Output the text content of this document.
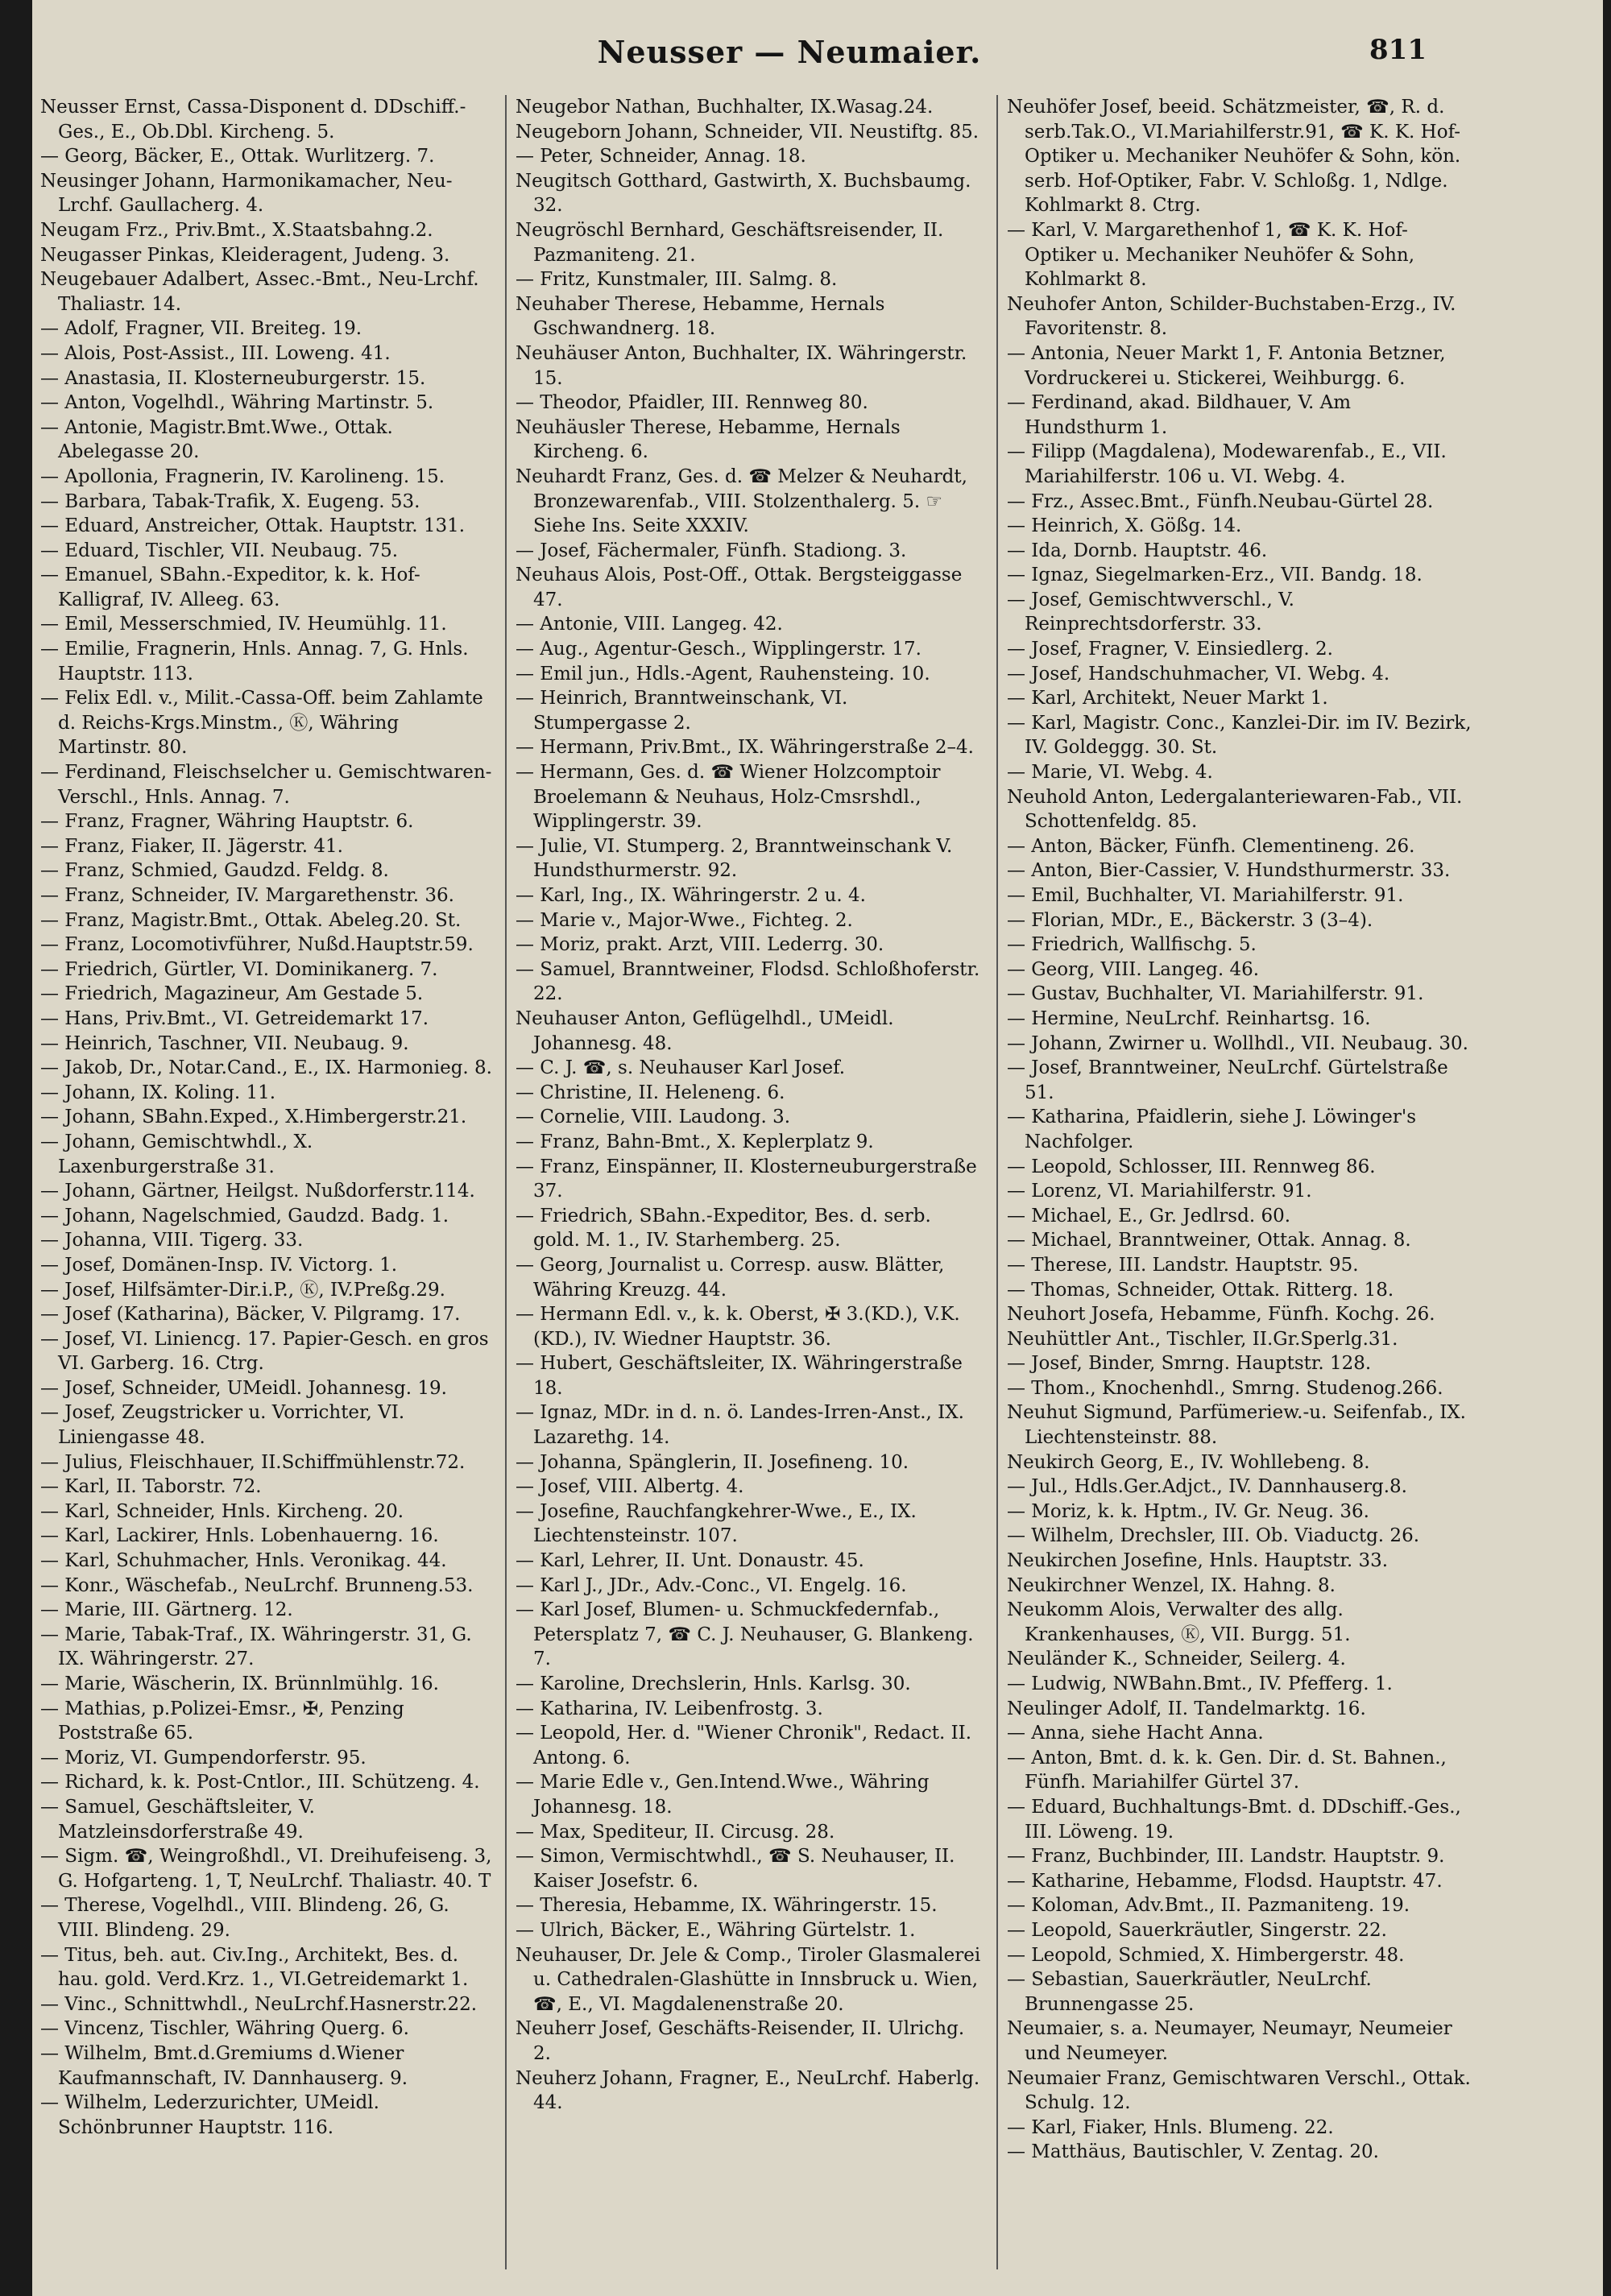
Neusser — Neumaier.	811

Neusser Ernst, Cassa-Disponent d. DDschiff.-Ges., E., Ob.Dbl. Kircheng. 5.

— Georg, Bäcker, E., Ottak. Wurlitzerg. 7.

Neusinger Johann, Harmonikamacher, Neu-Lrchf. Gaullacherg. 4.

Neugam Frz., Priv.Bmt., X.Staatsbahng.2.

Neugasser Pinkas, Kleideragent, Judeng. 3.

Neugebauer Adalbert, Assec.-Bmt., Neu-Lrchf. Thaliastr. 14.

— Adolf, Fragner, VII. Breiteg. 19.

— Alois, Post-Assist., III. Loweng. 41.

— Anastasia, II. Klosterneuburgerstr. 15.

— Anton, Vogelhdl., Währing Martinstr. 5.

— Antonie, Magistr.Bmt.Wwe., Ottak. Abelegasse 20.

— Apollonia, Fragnerin, IV. Karolineng. 15.

— Barbara, Tabak-Trafik, X. Eugeng. 53.

— Eduard, Anstreicher, Ottak. Hauptstr. 131.

— Eduard, Tischler, VII. Neubaug. 75.

— Emanuel, SBahn.-Expeditor, k. k. Hof-Kalligraf, IV. Alleeg. 63.

— Emil, Messerschmied, IV. Heumühlg. 11.

— Emilie, Fragnerin, Hnls. Annag. 7, G. Hnls. Hauptstr. 113.

— Felix Edl. v., Milit.-Cassa-Off. beim Zahlamte d. Reichs-Krgs.Minstm., Ⓚ, Währing Martinstr. 80.

— Ferdinand, Fleischselcher u. Gemischtwaren-Verschl., Hnls. Annag. 7.

— Franz, Fragner, Währing Hauptstr. 6.

— Franz, Fiaker, II. Jägerstr. 41.

— Franz, Schmied, Gaudzd. Feldg. 8.

— Franz, Schneider, IV. Margarethenstr. 36.

— Franz, Magistr.Bmt., Ottak. Abeleg.20. St.

— Franz, Locomotivführer, Nußd.Hauptstr.59.

— Friedrich, Gürtler, VI. Dominikanerg. 7.

— Friedrich, Magazineur, Am Gestade 5.

— Hans, Priv.Bmt., VI. Getreidemarkt 17.

— Heinrich, Taschner, VII. Neubaug. 9.

— Jakob, Dr., Notar.Cand., E., IX. Harmonieg. 8.

— Johann, IX. Koling. 11.

— Johann, SBahn.Exped., X.Himbergerstr.21.

— Johann, Gemischtwhdl., X. Laxenburgerstraße 31.

— Johann, Gärtner, Heilgst. Nußdorferstr.114.

— Johann, Nagelschmied, Gaudzd. Badg. 1.

— Johanna, VIII. Tigerg. 33.

— Josef, Domänen-Insp. IV. Victorg. 1.

— Josef, Hilfsämter-Dir.i.P., Ⓚ, IV.Preßg.29.

— Josef (Katharina), Bäcker, V. Pilgramg. 17.

— Josef, VI. Liniencg. 17. Papier-Gesch. en gros VI. Garberg. 16. Ctrg.

— Josef, Schneider, UMeidl. Johannesg. 19.

— Josef, Zeugstricker u. Vorrichter, VI. Liniengasse 48.

— Julius, Fleischhauer, II.Schiffmühlenstr.72.

— Karl, II. Taborstr. 72.

— Karl, Schneider, Hnls. Kircheng. 20.

— Karl, Lackirer, Hnls. Lobenhauerng. 16.

— Karl, Schuhmacher, Hnls. Veronikag. 44.

— Konr., Wäschefab., NeuLrchf. Brunneng.53.

— Marie, III. Gärtnerg. 12.

— Marie, Tabak-Traf., IX. Währingerstr. 31, G. IX. Währingerstr. 27.

— Marie, Wäscherin, IX. Brünnlmühlg. 16.

— Mathias, p.Polizei-Emsr., ✠, Penzing Poststraße 65.

— Moriz, VI. Gumpendorferstr. 95.

— Richard, k. k. Post-Cntlor., III. Schützeng. 4.

— Samuel, Geschäftsleiter, V. Matzleinsdorferstraße 49.

— Sigm. ☎, Weingroßhdl., VI. Dreihufeiseng. 3, G. Hofgarteng. 1, T, NeuLrchf. Thaliastr. 40. T

— Therese, Vogelhdl., VIII. Blindeng. 26, G. VIII. Blindeng. 29.

— Titus, beh. aut. Civ.Ing., Architekt, Bes. d. hau. gold. Verd.Krz. 1., VI.Getreidemarkt 1.

— Vinc., Schnittwhdl., NeuLrchf.Hasnerstr.22.

— Vincenz, Tischler, Währing Querg. 6.

— Wilhelm, Bmt.d.Gremiums d.Wiener Kaufmannschaft, IV. Dannhauserg. 9.

— Wilhelm, Lederzurichter, UMeidl. Schönbrunner Hauptstr. 116.

Neugebor Nathan, Buchhalter, IX.Wasag.24.

Neugeborn Johann, Schneider, VII. Neustiftg. 85.

— Peter, Schneider, Annag. 18.

Neugitsch Gotthard, Gastwirth, X. Buchsbaumg. 32.

Neugröschl Bernhard, Geschäftsreisender, II. Pazmaniteng. 21.

— Fritz, Kunstmaler, III. Salmg. 8.

Neuhaber Therese, Hebamme, Hernals Gschwandnerg. 18.

Neuhäuser Anton, Buchhalter, IX. Währingerstr. 15.

— Theodor, Pfaidler, III. Rennweg 80.

Neuhäusler Therese, Hebamme, Hernals Kircheng. 6.

Neuhardt Franz, Ges. d. ☎ Melzer & Neuhardt, Bronzewarenfab., VIII. Stolzenthalerg. 5. ☞ Siehe Ins. Seite XXXIV.

— Josef, Fächermaler, Fünfh. Stadiong. 3.

Neuhaus Alois, Post-Off., Ottak. Bergsteiggasse 47.

— Antonie, VIII. Langeg. 42.

— Aug., Agentur-Gesch., Wipplingerstr. 17.

— Emil jun., Hdls.-Agent, Rauhensteing. 10.

— Heinrich, Branntweinschank, VI. Stumpergasse 2.

— Hermann, Priv.Bmt., IX. Währingerstraße 2–4.

— Hermann, Ges. d. ☎ Wiener Holzcomptoir Broelemann & Neuhaus, Holz-Cmsrshdl., Wipplingerstr. 39.

— Julie, VI. Stumperg. 2, Branntweinschank V. Hundsthurmerstr. 92.

— Karl, Ing., IX. Währingerstr. 2 u. 4.

— Marie v., Major-Wwe., Fichteg. 2.

— Moriz, prakt. Arzt, VIII. Lederrg. 30.

— Samuel, Branntweiner, Flodsd. Schloßhoferstr. 22.

Neuhauser Anton, Geflügelhdl., UMeidl. Johannesg. 48.

— C. J. ☎, s. Neuhauser Karl Josef.

— Christine, II. Heleneng. 6.

— Cornelie, VIII. Laudong. 3.

— Franz, Bahn-Bmt., X. Keplerplatz 9.

— Franz, Einspänner, II. Klosterneuburgerstraße 37.

— Friedrich, SBahn.-Expeditor, Bes. d. serb. gold. M. 1., IV. Starhemberg. 25.

— Georg, Journalist u. Corresp. ausw. Blätter, Währing Kreuzg. 44.

— Hermann Edl. v., k. k. Oberst, ✠ 3.(KD.), V.K. (KD.), IV. Wiedner Hauptstr. 36.

— Hubert, Geschäftsleiter, IX. Währingerstraße 18.

— Ignaz, MDr. in d. n. ö. Landes-Irren-Anst., IX. Lazarethg. 14.

— Johanna, Spänglerin, II. Josefineng. 10.

— Josef, VIII. Albertg. 4.

— Josefine, Rauchfangkehrer-Wwe., E., IX. Liechtensteinstr. 107.

— Karl, Lehrer, II. Unt. Donaustr. 45.

— Karl J., JDr., Adv.-Conc., VI. Engelg. 16.

— Karl Josef, Blumen- u. Schmuckfedernfab., Petersplatz 7, ☎ C. J. Neuhauser, G. Blankeng. 7.

— Karoline, Drechslerin, Hnls. Karlsg. 30.

— Katharina, IV. Leibenfrostg. 3.

— Leopold, Her. d. "Wiener Chronik", Redact. II. Antong. 6.

— Marie Edle v., Gen.Intend.Wwe., Währing Johannesg. 18.

— Max, Spediteur, II. Circusg. 28.

— Simon, Vermischtwhdl., ☎ S. Neuhauser, II. Kaiser Josefstr. 6.

— Theresia, Hebamme, IX. Währingerstr. 15.

— Ulrich, Bäcker, E., Währing Gürtelstr. 1.

Neuhauser, Dr. Jele & Comp., Tiroler Glasmalerei u. Cathedralen-Glashütte in Innsbruck u. Wien, ☎, E., VI. Magdalenenstraße 20.

Neuherr Josef, Geschäfts-Reisender, II. Ulrichg. 2.

Neuherz Johann, Fragner, E., NeuLrchf. Haberlg. 44.

Neuhöfer Josef, beeid. Schätzmeister, ☎, R. d. serb.Tak.O., VI.Mariahilferstr.91, ☎ K. K. Hof-Optiker u. Mechaniker Neuhöfer & Sohn, kön. serb. Hof-Optiker, Fabr. V. Schloßg. 1, Ndlge. Kohlmarkt 8. Ctrg.

— Karl, V. Margarethenhof 1, ☎ K. K. Hof-Optiker u. Mechaniker Neuhöfer & Sohn, Kohlmarkt 8.

Neuhofer Anton, Schilder-Buchstaben-Erzg., IV. Favoritenstr. 8.

— Antonia, Neuer Markt 1, F. Antonia Betzner, Vordruckerei u. Stickerei, Weihburgg. 6.

— Ferdinand, akad. Bildhauer, V. Am Hundsthurm 1.

— Filipp (Magdalena), Modewarenfab., E., VII. Mariahilferstr. 106 u. VI. Webg. 4.

— Frz., Assec.Bmt., Fünfh.Neubau-Gürtel 28.

— Heinrich, X. Gößg. 14.

— Ida, Dornb. Hauptstr. 46.

— Ignaz, Siegelmarken-Erz., VII. Bandg. 18.

— Josef, Gemischtwverschl., V. Reinprechtsdorferstr. 33.

— Josef, Fragner, V. Einsiedlerg. 2.

— Josef, Handschuhmacher, VI. Webg. 4.

— Karl, Architekt, Neuer Markt 1.

— Karl, Magistr. Conc., Kanzlei-Dir. im IV. Bezirk, IV. Goldeggg. 30. St.

— Marie, VI. Webg. 4.

Neuhold Anton, Ledergalanteriewaren-Fab., VII. Schottenfeldg. 85.

— Anton, Bäcker, Fünfh. Clementineng. 26.

— Anton, Bier-Cassier, V. Hundsthurmerstr. 33.

— Emil, Buchhalter, VI. Mariahilferstr. 91.

— Florian, MDr., E., Bäckerstr. 3 (3–4).

— Friedrich, Wallfischg. 5.

— Georg, VIII. Langeg. 46.

— Gustav, Buchhalter, VI. Mariahilferstr. 91.

— Hermine, NeuLrchf. Reinhartsg. 16.

— Johann, Zwirner u. Wollhdl., VII. Neubaug. 30.

— Josef, Branntweiner, NeuLrchf. Gürtelstraße 51.

— Katharina, Pfaidlerin, siehe J. Löwinger's Nachfolger.

— Leopold, Schlosser, III. Rennweg 86.

— Lorenz, VI. Mariahilferstr. 91.

— Michael, E., Gr. Jedlrsd. 60.

— Michael, Branntweiner, Ottak. Annag. 8.

— Therese, III. Landstr. Hauptstr. 95.

— Thomas, Schneider, Ottak. Ritterg. 18.

Neuhort Josefa, Hebamme, Fünfh. Kochg. 26.

Neuhüttler Ant., Tischler, II.Gr.Sperlg.31.

— Josef, Binder, Smrng. Hauptstr. 128.

— Thom., Knochenhdl., Smrng. Studenog.266.

Neuhut Sigmund, Parfümeriew.-u. Seifenfab., IX. Liechtensteinstr. 88.

Neukirch Georg, E., IV. Wohllebeng. 8.

— Jul., Hdls.Ger.Adjct., IV. Dannhauserg.8.

— Moriz, k. k. Hptm., IV. Gr. Neug. 36.

— Wilhelm, Drechsler, III. Ob. Viaductg. 26.

Neukirchen Josefine, Hnls. Hauptstr. 33.

Neukirchner Wenzel, IX. Hahng. 8.

Neukomm Alois, Verwalter des allg. Krankenhauses, Ⓚ, VII. Burgg. 51.

Neuländer K., Schneider, Seilerg. 4.

— Ludwig, NWBahn.Bmt., IV. Pfefferg. 1.

Neulinger Adolf, II. Tandelmarktg. 16.

— Anna, siehe Hacht Anna.

— Anton, Bmt. d. k. k. Gen. Dir. d. St. Bahnen., Fünfh. Mariahilfer Gürtel 37.

— Eduard, Buchhaltungs-Bmt. d. DDschiff.-Ges., III. Löweng. 19.

— Franz, Buchbinder, III. Landstr. Hauptstr. 9.

— Katharine, Hebamme, Flodsd. Hauptstr. 47.

— Koloman, Adv.Bmt., II. Pazmaniteng. 19.

— Leopold, Sauerkräutler, Singerstr. 22.

— Leopold, Schmied, X. Himbergerstr. 48.

— Sebastian, Sauerkräutler, NeuLrchf. Brunnengasse 25.

Neumaier, s. a. Neumayer, Neumayr, Neumeier und Neumeyer.

Neumaier Franz, Gemischtwaren Verschl., Ottak. Schulg. 12.

— Karl, Fiaker, Hnls. Blumeng. 22.

— Matthäus, Bautischler, V. Zentag. 20.
